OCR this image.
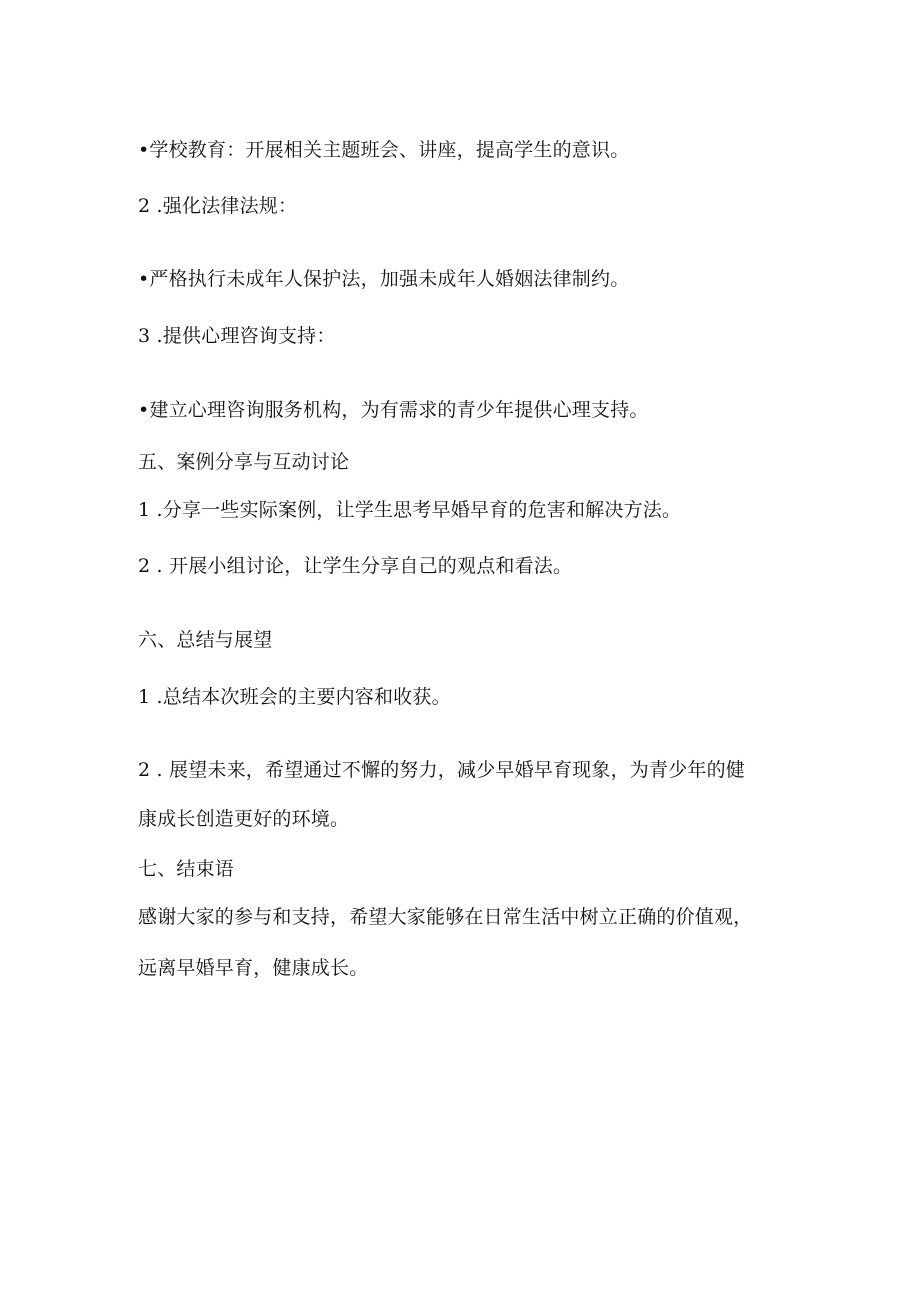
•学校教育：开展相关主题班会、讲座，提高学生的意识。

2 .强化法律法规：

•严格执行未成年人保护法，加强未成年人婚姻法律制约。

3 .提供心理咨询支持：

•建立心理咨询服务机构，为有需求的青少年提供心理支持。

五、案例分享与互动讨论

1 .分享一些实际案例，让学生思考早婚早育的危害和解决方法。

2 . 开展小组讨论，让学生分享自己的观点和看法。

六、总结与展望

1 .总结本次班会的主要内容和收获。

2 . 展望未来，希望通过不懈的努力，减少早婚早育现象，为青少年的健

康成长创造更好的环境。

七、结束语

感谢大家的参与和支持，希望大家能够在日常生活中树立正确的价值观，

远离早婚早育，健康成长。
